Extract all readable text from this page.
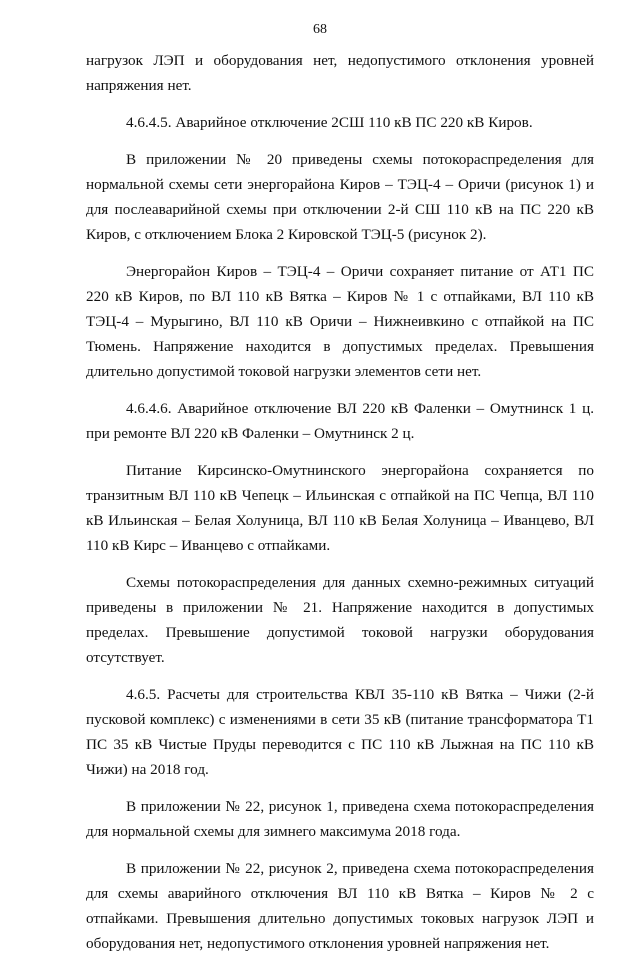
68

нагрузок ЛЭП и оборудования нет, недопустимого отклонения уровней напряжения нет.

4.6.4.5. Аварийное отключение 2СШ 110 кВ ПС 220 кВ Киров.

В приложении № 20 приведены схемы потокораспределения для нормальной схемы сети энергорайона Киров – ТЭЦ-4 – Оричи (рисунок 1) и для послеаварийной схемы при отключении 2-й СШ 110 кВ на ПС 220 кВ Киров, с отключением Блока 2 Кировской ТЭЦ-5 (рисунок 2).

Энергорайон Киров – ТЭЦ-4 – Оричи сохраняет питание от АТ1 ПС 220 кВ Киров, по ВЛ 110 кВ Вятка – Киров № 1 с отпайками, ВЛ 110 кВ ТЭЦ-4 – Мурыгино, ВЛ 110 кВ Оричи – Нижнеивкино с отпайкой на ПС Тюмень. Напряжение находится в допустимых пределах. Превышения длительно допустимой токовой нагрузки элементов сети нет.

4.6.4.6. Аварийное отключение ВЛ 220 кВ Фаленки – Омутнинск 1 ц. при ремонте ВЛ 220 кВ Фаленки – Омутнинск 2 ц.

Питание Кирсинско-Омутнинского энергорайона сохраняется по транзитным ВЛ 110 кВ Чепецк – Ильинская с отпайкой на ПС Чепца, ВЛ 110 кВ Ильинская – Белая Холуница, ВЛ 110 кВ Белая Холуница – Иванцево, ВЛ 110 кВ Кирс – Иванцево с отпайками.

Схемы потокораспределения для данных схемно-режимных ситуаций приведены в приложении № 21. Напряжение находится в допустимых пределах. Превышение допустимой токовой нагрузки оборудования отсутствует.

4.6.5. Расчеты для строительства КВЛ 35-110 кВ Вятка – Чижи (2-й пусковой комплекс) с изменениями в сети 35 кВ (питание трансформатора Т1 ПС 35 кВ Чистые Пруды переводится с ПС 110 кВ Лыжная на ПС 110 кВ Чижи) на 2018 год.

В приложении № 22, рисунок 1, приведена схема потокораспределения для нормальной схемы для зимнего максимума 2018 года.

В приложении № 22, рисунок 2, приведена схема потокораспределения для схемы аварийного отключения ВЛ 110 кВ Вятка – Киров № 2 с отпайками. Превышения длительно допустимых токовых нагрузок ЛЭП и оборудования нет, недопустимого отклонения уровней напряжения нет.
